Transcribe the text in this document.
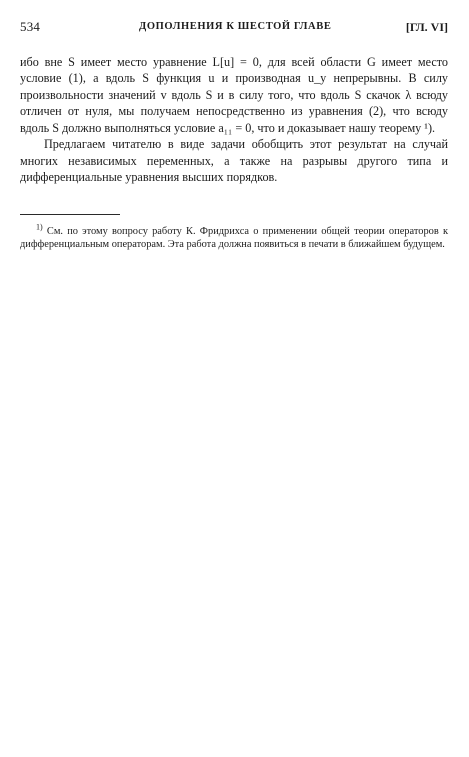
534	ДОПОЛНЕНИЯ К ШЕСТОЙ ГЛАВЕ	[ГЛ. VI]

ибо вне S имеет место уравнение L[u] = 0, для всей области G имеет место условие (1), а вдоль S функция u и производная u_y непрерывны. В силу произвольности значений v вдоль S и в силу того, что вдоль S скачок λ всюду отличен от нуля, мы получаем непосредственно из уравнения (2), что всюду вдоль S должно выполняться условие a₁₁ = 0, что и доказывает нашу теорему ¹).

Предлагаем читателю в виде задачи обобщить этот результат на случай многих независимых переменных, а также на разрывы другого типа и дифференциальные уравнения высших порядков.

$^{1)}$ См. по этому вопросу работу К. Фридрихса о применении общей теории операторов к дифференциальным операторам. Эта работа должна появиться в печати в ближайшем будущем.
